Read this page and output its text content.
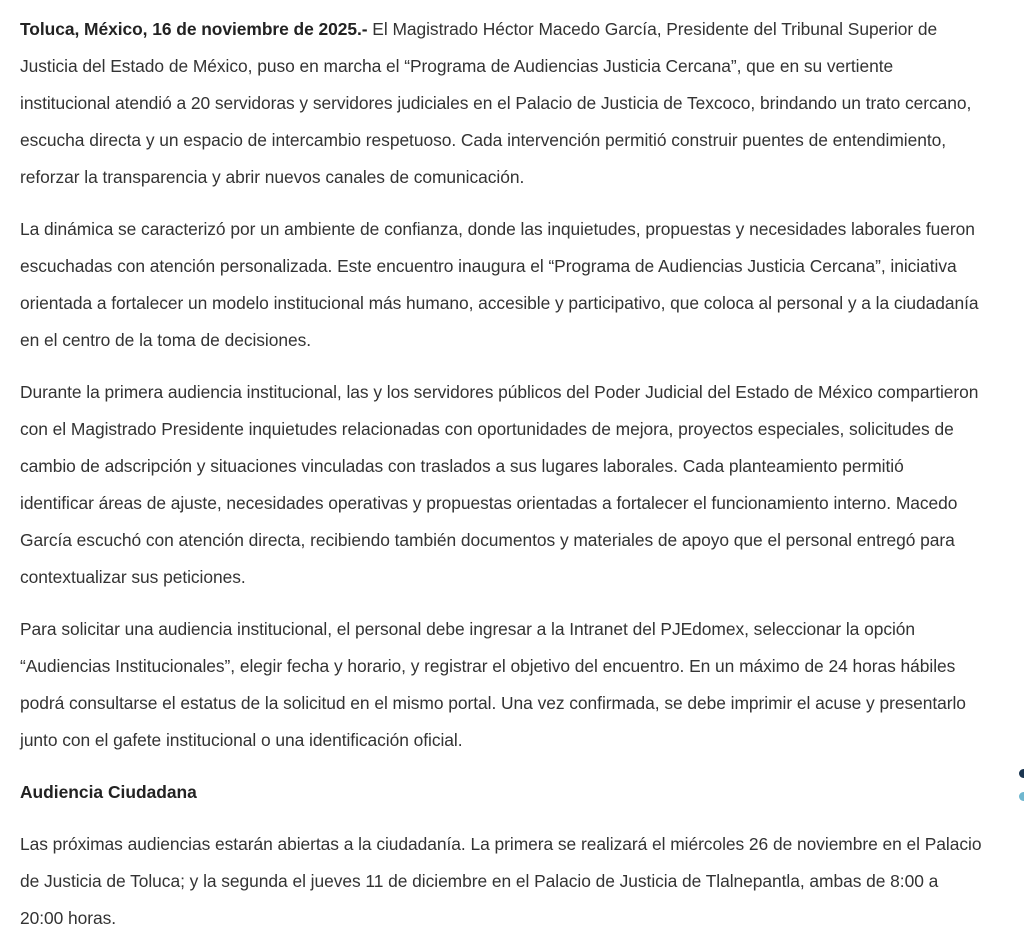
Toluca, México, 16 de noviembre de 2025.- El Magistrado Héctor Macedo García, Presidente del Tribunal Superior de Justicia del Estado de México, puso en marcha el “Programa de Audiencias Justicia Cercana”, que en su vertiente institucional atendió a 20 servidoras y servidores judiciales en el Palacio de Justicia de Texcoco, brindando un trato cercano, escucha directa y un espacio de intercambio respetuoso. Cada intervención permitió construir puentes de entendimiento, reforzar la transparencia y abrir nuevos canales de comunicación.

La dinámica se caracterizó por un ambiente de confianza, donde las inquietudes, propuestas y necesidades laborales fueron escuchadas con atención personalizada. Este encuentro inaugura el “Programa de Audiencias Justicia Cercana”, iniciativa orientada a fortalecer un modelo institucional más humano, accesible y participativo, que coloca al personal y a la ciudadanía en el centro de la toma de decisiones.

Durante la primera audiencia institucional, las y los servidores públicos del Poder Judicial del Estado de México compartieron con el Magistrado Presidente inquietudes relacionadas con oportunidades de mejora, proyectos especiales, solicitudes de cambio de adscripción y situaciones vinculadas con traslados a sus lugares laborales. Cada planteamiento permitió identificar áreas de ajuste, necesidades operativas y propuestas orientadas a fortalecer el funcionamiento interno. Macedo García escuchó con atención directa, recibiendo también documentos y materiales de apoyo que el personal entregó para contextualizar sus peticiones.

Para solicitar una audiencia institucional, el personal debe ingresar a la Intranet del PJEdomex, seleccionar la opción “Audiencias Institucionales”, elegir fecha y horario, y registrar el objetivo del encuentro. En un máximo de 24 horas hábiles podrá consultarse el estatus de la solicitud en el mismo portal. Una vez confirmada, se debe imprimir el acuse y presentarlo junto con el gafete institucional o una identificación oficial.

Audiencia Ciudadana

Las próximas audiencias estarán abiertas a la ciudadanía. La primera se realizará el miércoles 26 de noviembre en el Palacio de Justicia de Toluca; y la segunda el jueves 11 de diciembre en el Palacio de Justicia de Tlalnepantla, ambas de 8:00 a 20:00 horas.
